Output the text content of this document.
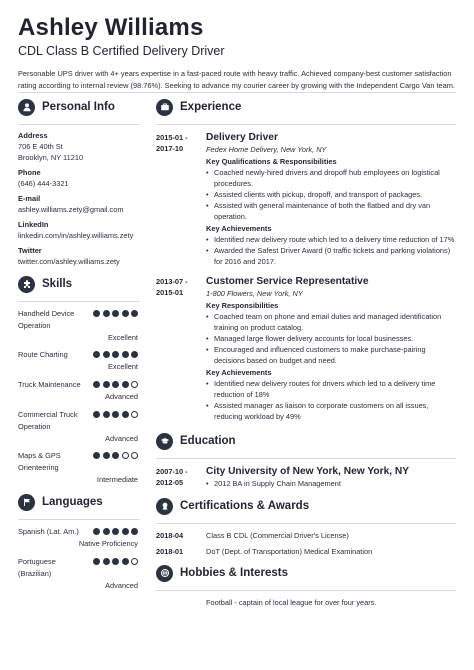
Ashley Williams
CDL Class B Certified Delivery Driver
Personable UPS driver with 4+ years expertise in a fast-paced route with heavy traffic. Achieved company-best customer satisfaction rating according to internal review (98.76%). Seeking to advance my courier career by growing with the Independent Cargo Van team.
Personal Info
Address
706 E 40th St
Brooklyn, NY 11210
Phone
(646) 444-3321
E-mail
ashley.williams.zety@gmail.com
LinkedIn
linkedin.com/in/ashley.williams.zety
Twitter
twitter.com/ashley.williams.zety
Skills
Handheld Device Operation
Excellent
Route Charting
Excellent
Truck Maintenance
Advanced
Commercial Truck Operation
Advanced
Maps & GPS Orienteering
Intermediate
Languages
Spanish (Lat. Am.)
Native Proficiency
Portuguese (Brazilian)
Advanced
Experience
2015-01 -
2017-10
Delivery Driver
Fedex Home Delivery, New York, NY
Key Qualifications & Responsibilities
• Coached newly-hired drivers and dropoff hub employees on logistical procedures.
• Assisted clients with pickup, dropoff, and transport of packages.
• Assisted with general maintenance of both the flatbed and dry van operation.
Key Achievements
• Identified new delivery route which led to a delivery time reduction of 17%
• Awarded the Safest Driver Award (0 traffic tickets and parking violations) for 2016 and 2017.
2013-07 -
2015-01
Customer Service Representative
1-800 Flowers, New York, NY
Key Responsibilities
• Coached team on phone and email duties and managed identification training on product catalog.
• Managed large flower delivery accounts for local businesses.
• Encouraged and influenced customers to make purchase-pairing decisions based on budget and need.
Key Achievements
• Identified new delivery routes for drivers which led to a delivery time reduction of 18%
• Assisted manager as liaison to corporate customers on all issues, reducing workload by 49%
Education
2007-10 -
2012-05
City University of New York, New York, NY
• 2012 BA in Supply Chain Management
Certifications & Awards
2018-04	Class B CDL (Commercial Driver's License)
2018-01	DoT (Dept. of Transportation) Medical Examination
Hobbies & Interests
Football - captain of local league for over four years.
